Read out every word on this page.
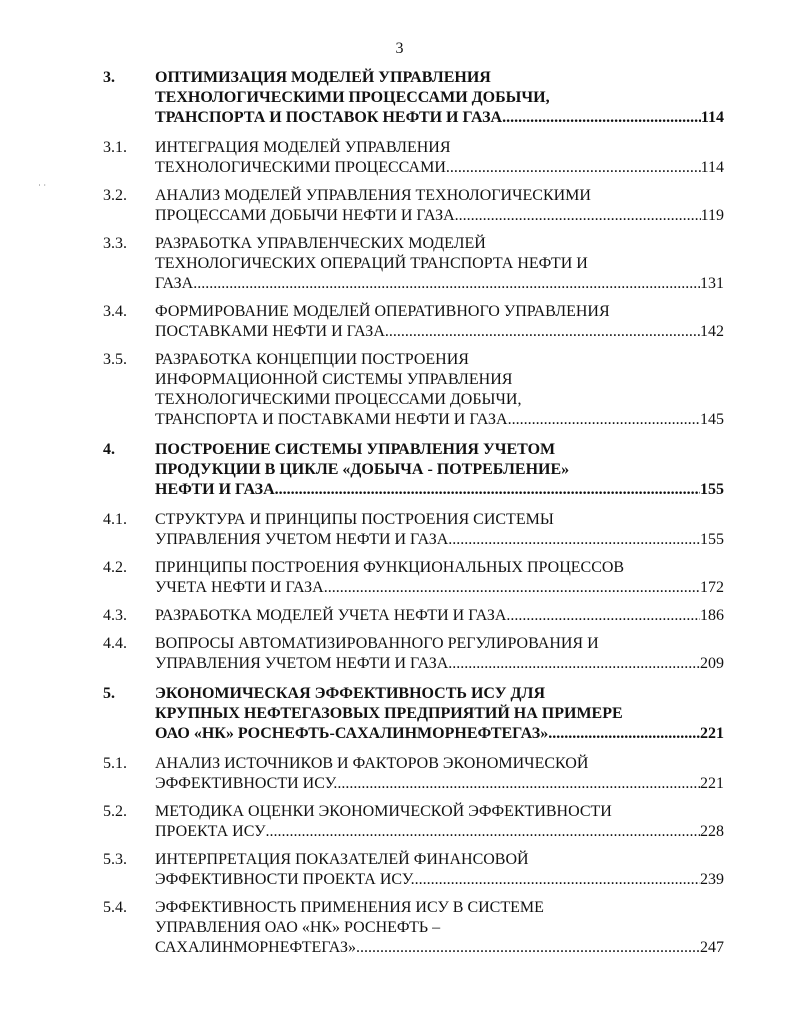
3
˙ ˙
3.	ОПТИМИЗАЦИЯ МОДЕЛЕЙ УПРАВЛЕНИЯ
ТЕХНОЛОГИЧЕСКИМИ ПРОЦЕССАМИ ДОБЫЧИ,
ТРАНСПОРТА И ПОСТАВОК НЕФТИ И ГАЗА. .....	114
3.1. ИНТЕГРАЦИЯ МОДЕЛЕЙ УПРАВЛЕНИЯ
ТЕХНОЛОГИЧЕСКИМИ ПРОЦЕССАМИ. .....	114
3.2. АНАЛИЗ МОДЕЛЕЙ УПРАВЛЕНИЯ ТЕХНОЛОГИЧЕСКИМИ
ПРОЦЕССАМИ ДОБЫЧИ НЕФТИ И ГАЗА. .....	119
3.3. РАЗРАБОТКА УПРАВЛЕНЧЕСКИХ МОДЕЛЕЙ
ТЕХНОЛОГИЧЕСКИХ ОПЕРАЦИЙ ТРАНСПОРТА НЕФТИ И
ГАЗА. .....	131
3.4. ФОРМИРОВАНИЕ МОДЕЛЕЙ ОПЕРАТИВНОГО УПРАВЛЕНИЯ
ПОСТАВКАМИ НЕФТИ И ГАЗА. .....	142
3.5. РАЗРАБОТКА КОНЦЕПЦИИ ПОСТРОЕНИЯ
ИНФОРМАЦИОННОЙ СИСТЕМЫ УПРАВЛЕНИЯ
ТЕХНОЛОГИЧЕСКИМИ ПРОЦЕССАМИ ДОБЫЧИ,
ТРАНСПОРТА И ПОСТАВКАМИ НЕФТИ И ГАЗА. .....	145
4.	ПОСТРОЕНИЕ СИСТЕМЫ УПРАВЛЕНИЯ УЧЕТОМ
ПРОДУКЦИИ В ЦИКЛЕ «ДОБЫЧА - ПОТРЕБЛЕНИЕ»
НЕФТИ И ГАЗА. .....	155
4.1. СТРУКТУРА И ПРИНЦИПЫ ПОСТРОЕНИЯ СИСТЕМЫ
УПРАВЛЕНИЯ УЧЕТОМ НЕФТИ И ГАЗА. .....	155
4.2. ПРИНЦИПЫ ПОСТРОЕНИЯ ФУНКЦИОНАЛЬНЫХ ПРОЦЕССОВ
УЧЕТА НЕФТИ И ГАЗА. .....	172
4.3. РАЗРАБОТКА МОДЕЛЕЙ УЧЕТА НЕФТИ И ГАЗА. .....	186
4.4. ВОПРОСЫ АВТОМАТИЗИРОВАННОГО РЕГУЛИРОВАНИЯ И
УПРАВЛЕНИЯ УЧЕТОМ НЕФТИ И ГАЗА. .....	209
5.	ЭКОНОМИЧЕСКАЯ ЭФФЕКТИВНОСТЬ ИСУ ДЛЯ
КРУПНЫХ НЕФТЕГАЗОВЫХ ПРЕДПРИЯТИЙ НА ПРИМЕРЕ
ОАО «НК» РОСНЕФТЬ-САХАЛИНМОРНЕФТЕГАЗ». .....	221
5.1. АНАЛИЗ ИСТОЧНИКОВ И ФАКТОРОВ ЭКОНОМИЧЕСКОЙ
ЭФФЕКТИВНОСТИ ИСУ. .....	221
5.2. МЕТОДИКА ОЦЕНКИ ЭКОНОМИЧЕСКОЙ ЭФФЕКТИВНОСТИ
ПРОЕКТА ИСУ .....	228
5.3. ИНТЕРПРЕТАЦИЯ ПОКАЗАТЕЛЕЙ ФИНАНСОВОЙ
ЭФФЕКТИВНОСТИ ПРОЕКТА ИСУ. .....	239
5.4. ЭФФЕКТИВНОСТЬ ПРИМЕНЕНИЯ ИСУ В СИСТЕМЕ
УПРАВЛЕНИЯ ОАО «НК» РОСНЕФТЬ –
САХАЛИНМОРНЕФТЕГАЗ». .....	247
